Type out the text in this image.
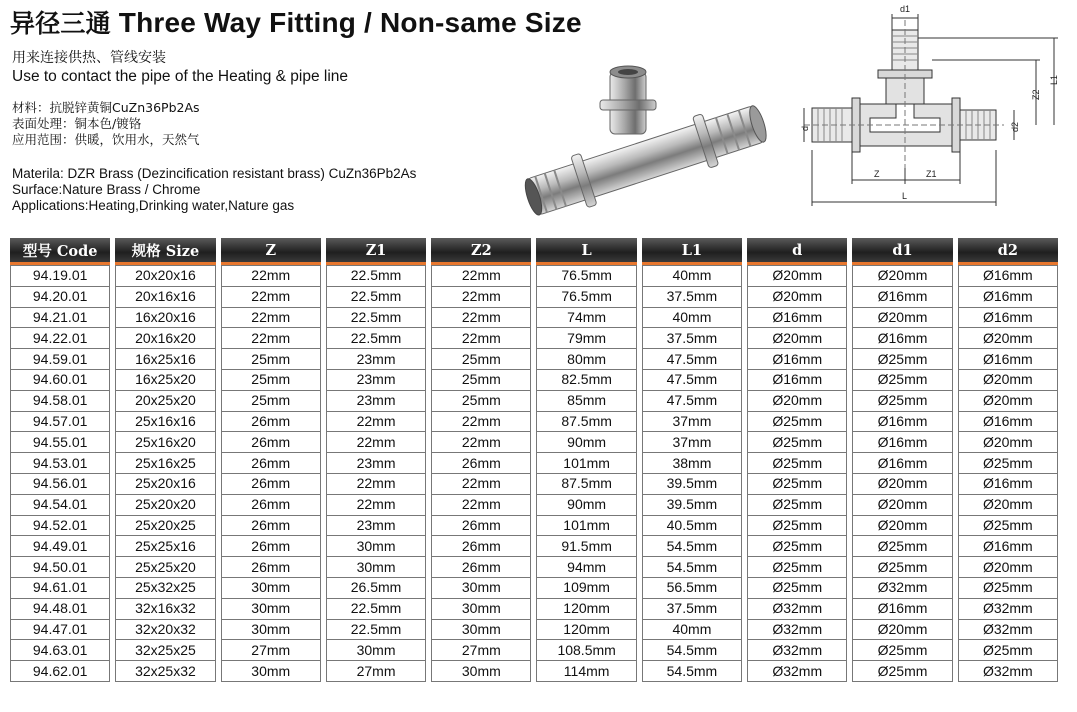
异径三通 Three Way Fitting / Non-same Size
用来连接供热、管线安装
Use to contact the pipe of the Heating & pipe line
材料：抗脱锌黄铜CuZn36Pb2As
表面处理：铜本色/镀铬
应用范围：供暖，饮用水，天然气
Materila: DZR Brass (Dezincification resistant brass) CuZn36Pb2As
Surface:Nature Brass / Chrome
Applications:Heating,Drinking water,Nature gas
d1
L1
Z2
d	d2
Z	Z1
L
型号 Code	规格 Size	Z	Z1	Z2	L	L1	d	d1	d2
94.19.01	20x20x16	22mm	22.5mm	22mm	76.5mm	40mm	Ø20mm	Ø20mm	Ø16mm
94.20.01	20x16x16	22mm	22.5mm	22mm	76.5mm	37.5mm	Ø20mm	Ø16mm	Ø16mm
94.21.01	16x20x16	22mm	22.5mm	22mm	74mm	40mm	Ø16mm	Ø20mm	Ø16mm
94.22.01	20x16x20	22mm	22.5mm	22mm	79mm	37.5mm	Ø20mm	Ø16mm	Ø20mm
94.59.01	16x25x16	25mm	23mm	25mm	80mm	47.5mm	Ø16mm	Ø25mm	Ø16mm
94.60.01	16x25x20	25mm	23mm	25mm	82.5mm	47.5mm	Ø16mm	Ø25mm	Ø20mm
94.58.01	20x25x20	25mm	23mm	25mm	85mm	47.5mm	Ø20mm	Ø25mm	Ø20mm
94.57.01	25x16x16	26mm	22mm	22mm	87.5mm	37mm	Ø25mm	Ø16mm	Ø16mm
94.55.01	25x16x20	26mm	22mm	22mm	90mm	37mm	Ø25mm	Ø16mm	Ø20mm
94.53.01	25x16x25	26mm	23mm	26mm	101mm	38mm	Ø25mm	Ø16mm	Ø25mm
94.56.01	25x20x16	26mm	22mm	22mm	87.5mm	39.5mm	Ø25mm	Ø20mm	Ø16mm
94.54.01	25x20x20	26mm	22mm	22mm	90mm	39.5mm	Ø25mm	Ø20mm	Ø20mm
94.52.01	25x20x25	26mm	23mm	26mm	101mm	40.5mm	Ø25mm	Ø20mm	Ø25mm
94.49.01	25x25x16	26mm	30mm	26mm	91.5mm	54.5mm	Ø25mm	Ø25mm	Ø16mm
94.50.01	25x25x20	26mm	30mm	26mm	94mm	54.5mm	Ø25mm	Ø25mm	Ø20mm
94.61.01	25x32x25	30mm	26.5mm	30mm	109mm	56.5mm	Ø25mm	Ø32mm	Ø25mm
94.48.01	32x16x32	30mm	22.5mm	30mm	120mm	37.5mm	Ø32mm	Ø16mm	Ø32mm
94.47.01	32x20x32	30mm	22.5mm	30mm	120mm	40mm	Ø32mm	Ø20mm	Ø32mm
94.63.01	32x25x25	27mm	30mm	27mm	108.5mm	54.5mm	Ø32mm	Ø25mm	Ø25mm
94.62.01	32x25x32	30mm	27mm	30mm	114mm	54.5mm	Ø32mm	Ø25mm	Ø32mm
